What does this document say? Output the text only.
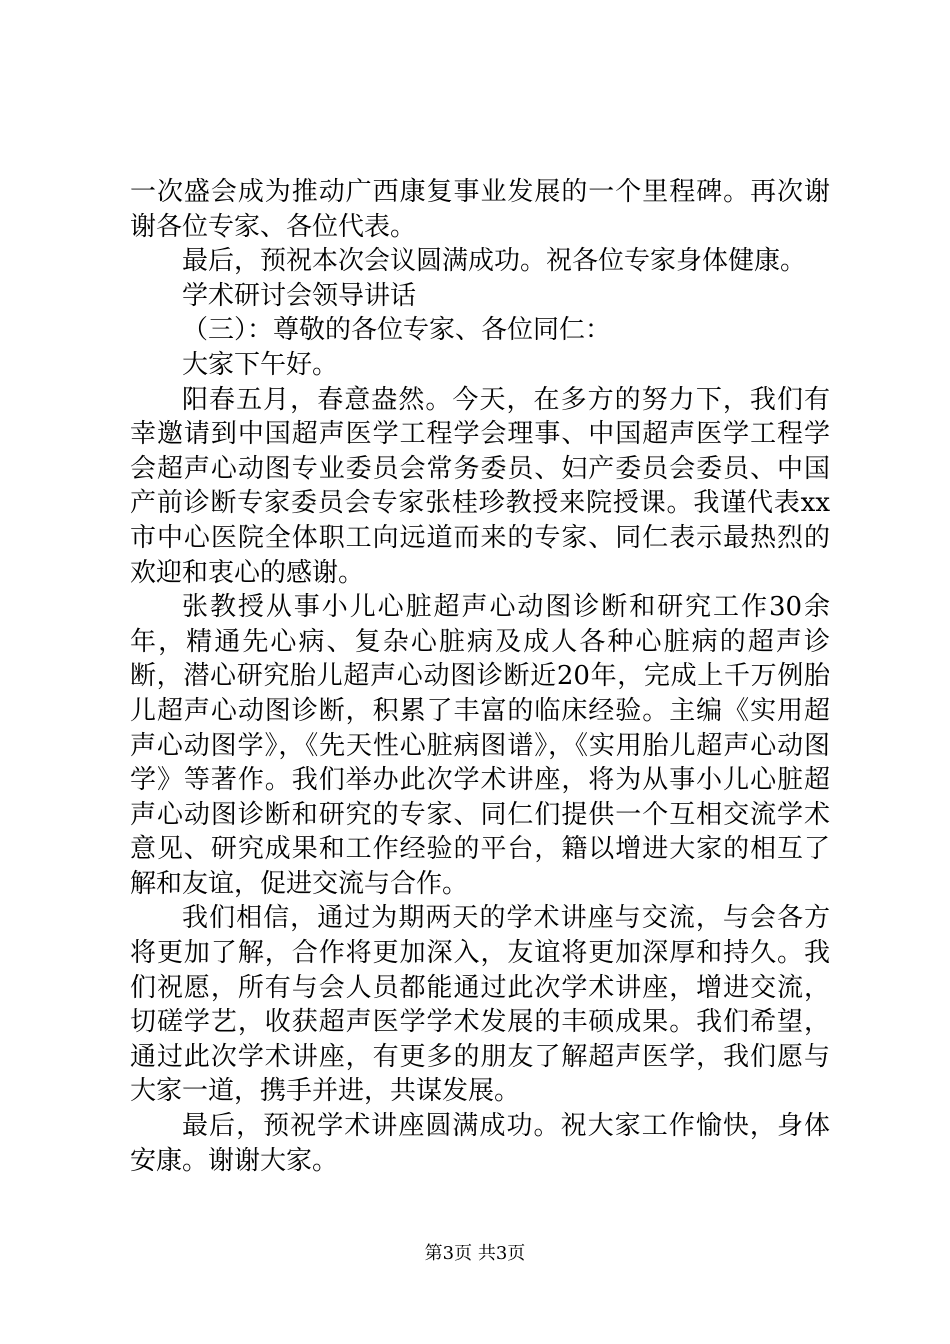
一次盛会成为推动广西康复事业发展的一个里程碑。再次谢谢各位专家、各位代表。

最后，预祝本次会议圆满成功。祝各位专家身体健康。

学术研讨会领导讲话

（三）：尊敬的各位专家、各位同仁：

大家下午好。

阳春五月，春意盎然。今天，在多方的努力下，我们有幸邀请到中国超声医学工程学会理事、中国超声医学工程学会超声心动图专业委员会常务委员、妇产委员会委员、中国产前诊断专家委员会专家张桂珍教授来院授课。我谨代表xx市中心医院全体职工向远道而来的专家、同仁表示最热烈的欢迎和衷心的感谢。

张教授从事小儿心脏超声心动图诊断和研究工作30余年，精通先心病、复杂心脏病及成人各种心脏病的超声诊断，潜心研究胎儿超声心动图诊断近20年，完成上千万例胎儿超声心动图诊断，积累了丰富的临床经验。主编《实用超声心动图学》，《先天性心脏病图谱》，《实用胎儿超声心动图学》等著作。我们举办此次学术讲座，将为从事小儿心脏超声心动图诊断和研究的专家、同仁们提供一个互相交流学术意见、研究成果和工作经验的平台，籍以增进大家的相互了解和友谊，促进交流与合作。

我们相信，通过为期两天的学术讲座与交流，与会各方将更加了解，合作将更加深入，友谊将更加深厚和持久。我们祝愿，所有与会人员都能通过此次学术讲座，增进交流，切磋学艺，收获超声医学学术发展的丰硕成果。我们希望，通过此次学术讲座，有更多的朋友了解超声医学，我们愿与大家一道，携手并进，共谋发展。

最后，预祝学术讲座圆满成功。祝大家工作愉快，身体安康。谢谢大家。

第3页 共3页
